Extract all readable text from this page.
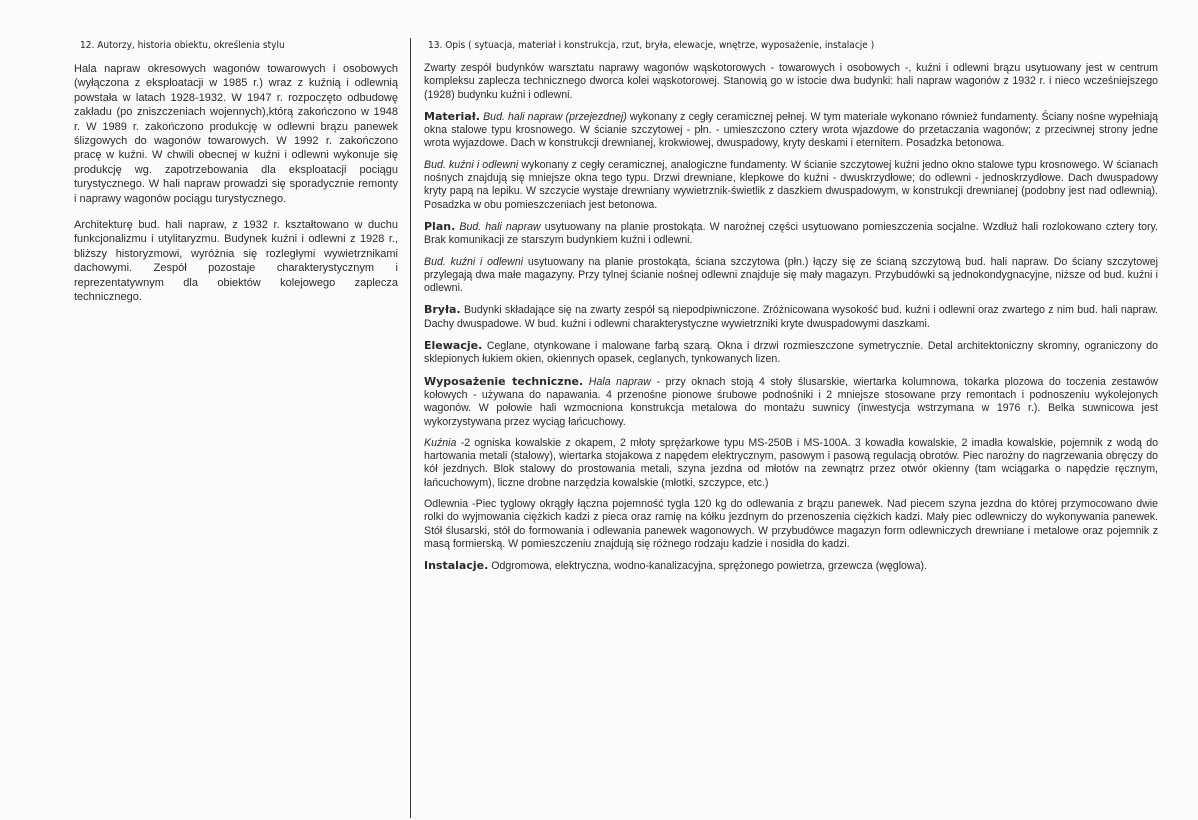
12. Autorzy, historia obiektu, określenia stylu

Hala napraw okresowych wagonów towarowych i osobowych (wyłączona z eksploatacji w 1985 r.) wraz z kuźnią i odlewnią powstała w latach 1928-1932. W 1947 r. rozpoczęto odbudowę zakładu (po zniszczeniach wojennych),którą zakończono w 1948 r. W 1989 r. zakończono produkcję w odlewni brązu panewek ślizgowych do wagonów towarowych. W 1992 r. zakończono pracę w kuźni. W chwili obecnej w kuźni i odlewni wykonuje się produkcję wg. zapotrzebowania dla eksploatacji pociągu turystycznego. W hali napraw prowadzi się sporadycznie remonty i naprawy wagonów pociągu turystycznego.

Architekturę bud. hali napraw, z 1932 r. kształtowano w duchu funkcjonalizmu i utylitaryzmu. Budynek kuźni i odlewni z 1928 r., bliższy historyzmowi, wyróżnia się rozległymi wywietrznikami dachowymi. Zespół pozostaje charakterystycznym i reprezentatywnym dla obiektów kolejowego zaplecza technicznego.

13. Opis ( sytuacja, materiał i konstrukcja, rzut, bryła, elewacje, wnętrze, wyposażenie, instalacje )

Zwarty zespół budynków warsztatu naprawy wagonów wąskotorowych - towarowych i osobowych -, kuźni i odlewni brązu usytuowany jest w centrum kompleksu zaplecza technicznego dworca kolei wąskotorowej. Stanowią go w istocie dwa budynki: hali napraw wagonów z 1932 r. i nieco wcześniejszego (1928) budynku kuźni i odlewni.

Materiał. Bud. hali napraw (przejezdnej) wykonany z cegły ceramicznej pełnej. W tym materiale wykonano również fundamenty. Ściany nośne wypełniają okna stalowe typu krosnowego. W ścianie szczytowej - płn. - umieszczono cztery wrota wjazdowe do przetaczania wagonów; z przeciwnej strony jedne wrota wyjazdowe. Dach w konstrukcji drewnianej, krokwiowej, dwuspadowy, kryty deskami i eternitem. Posadzka betonowa.

Bud. kuźni i odlewni wykonany z cegły ceramicznej, analogiczne fundamenty. W ścianie szczytowej kuźni jedno okno stalowe typu krosnowego. W ścianach nośnych znajdują się mniejsze okna tego typu. Drzwi drewniane, klepkowe do kuźni - dwuskrzydłowe; do odlewni - jednoskrzydłowe. Dach dwuspadowy kryty papą na lepiku. W szczycie wystaje drewniany wywietrznik-świetlik z daszkiem dwuspadowym, w konstrukcji drewnianej (podobny jest nad odlewnią). Posadzka w obu pomieszczeniach jest betonowa.

Plan. Bud. hali napraw usytuowany na planie prostokąta. W narożnej części usytuowano pomieszczenia socjalne. Wzdłuż hali rozlokowano cztery tory. Brak komunikacji ze starszym budynkiem kuźni i odlewni.

Bud. kuźni i odlewni usytuowany na planie prostokąta, ściana szczytowa (płn.) łączy się ze ścianą szczytową bud. hali napraw. Do ściany szczytowej przylegają dwa małe magazyny. Przy tylnej ścianie nośnej odlewni znajduje się mały magazyn. Przybudówki są jednokondygnacyjne, niższe od bud. kuźni i odlewni.

Bryła. Budynki składające się na zwarty zespół są niepodpiwniczone. Zróżnicowana wysokość bud. kuźni i odlewni oraz zwartego z nim bud. hali napraw. Dachy dwuspadowe. W bud. kuźni i odlewni charakterystyczne wywietrzniki kryte dwuspadowymi daszkami.

Elewacje. Ceglane, otynkowane i malowane farbą szarą. Okna i drzwi rozmieszczone symetrycznie. Detal architektoniczny skromny, ograniczony do sklepionych łukiem okien, okiennych opasek, ceglanych, tynkowanych lizen.

Wyposażenie techniczne. Hala napraw - przy oknach stoją 4 stoły ślusarskie, wiertarka kolumnowa, tokarka plozowa do toczenia zestawów kołowych - używana do napawania. 4 przenośne pionowe śrubowe podnośniki i 2 mniejsze stosowane przy remontach i podnoszeniu wykolejonych wagonów. W połowie hali wzmocniona konstrukcja metalowa do montażu suwnicy (inwestycja wstrzymana w 1976 r.). Belka suwnicowa jest wykorzystywana przez wyciąg łańcuchowy.

Kuźnia -2 ogniska kowalskie z okapem, 2 młoty sprężarkowe typu MS-250B i MS-100A. 3 kowadła kowalskie, 2 imadła kowalskie, pojemnik z wodą do hartowania metali (stalowy), wiertarka stojakowa z napędem elektrycznym, pasowym i pasową regulacją obrotów. Piec narożny do nagrzewania obręczy do kół jezdnych. Blok stalowy do prostowania metali, szyna jezdna od młotów na zewnątrz przez otwór okienny (tam wciągarka o napędzie ręcznym, łańcuchowym), liczne drobne narzędzia kowalskie (młotki, szczypce, etc.)

Odlewnia -Piec tyglowy okrągły łączna pojemność tygla 120 kg do odlewania z brązu panewek. Nad piecem szyna jezdna do której przymocowano dwie rolki do wyjmowania ciężkich kadzi z pieca oraz ramię na kółku jezdnym do przenoszenia ciężkich kadzi. Mały piec odlewniczy do wykonywania panewek. Stół ślusarski, stół do formowania i odlewania panewek wagonowych. W przybudówce magazyn form odlewniczych drewniane i metalowe oraz pojemnik z masą formierską. W pomieszczeniu znajdują się różnego rodzaju kadzie i nosidła do kadzi.

Instalacje. Odgromowa, elektryczna, wodno-kanalizacyjna, sprężonego powietrza, grzewcza (węglowa).
